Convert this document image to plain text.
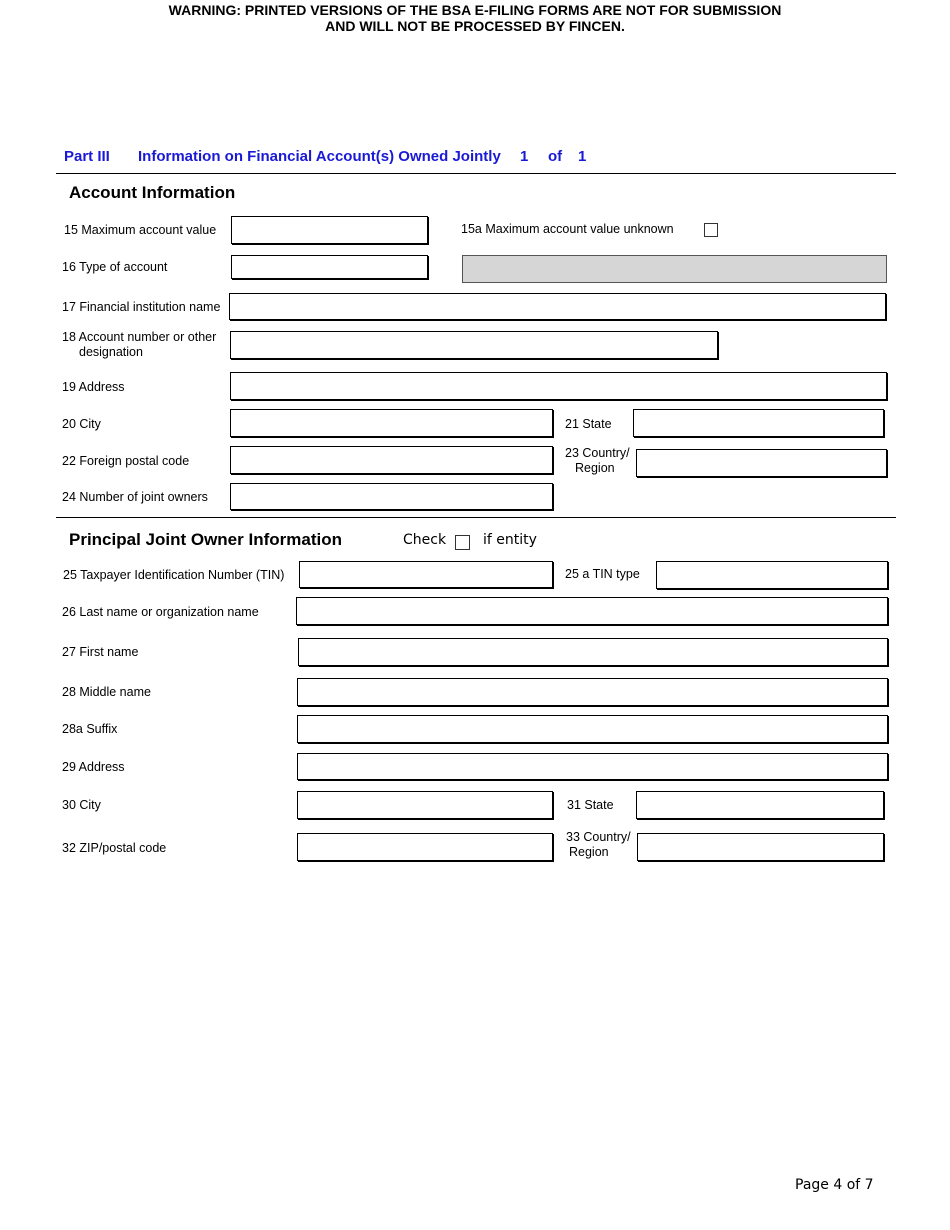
WARNING: PRINTED VERSIONS OF THE BSA E-FILING FORMS ARE NOT FOR SUBMISSION
AND WILL NOT BE PROCESSED BY FINCEN.
Part III Information on Financial Account(s) Owned Jointly 1 of 1
Account Information
15 Maximum account value	15a Maximum account value unknown
16 Type of account
17 Financial institution name
18 Account number or other
designation
19 Address
20 City	21 State
22 Foreign postal code
23 Country/
Region
24 Number of joint owners
Principal Joint Owner Information	Check	if entity
25 Taxpayer Identification Number (TIN)	25 a TIN type
26 Last name or organization name
27 First name
28 Middle name
28a Suffix
29 Address
30 City	31 State
32 ZIP/postal code
33 Country/
Region
Page 4 of 7
